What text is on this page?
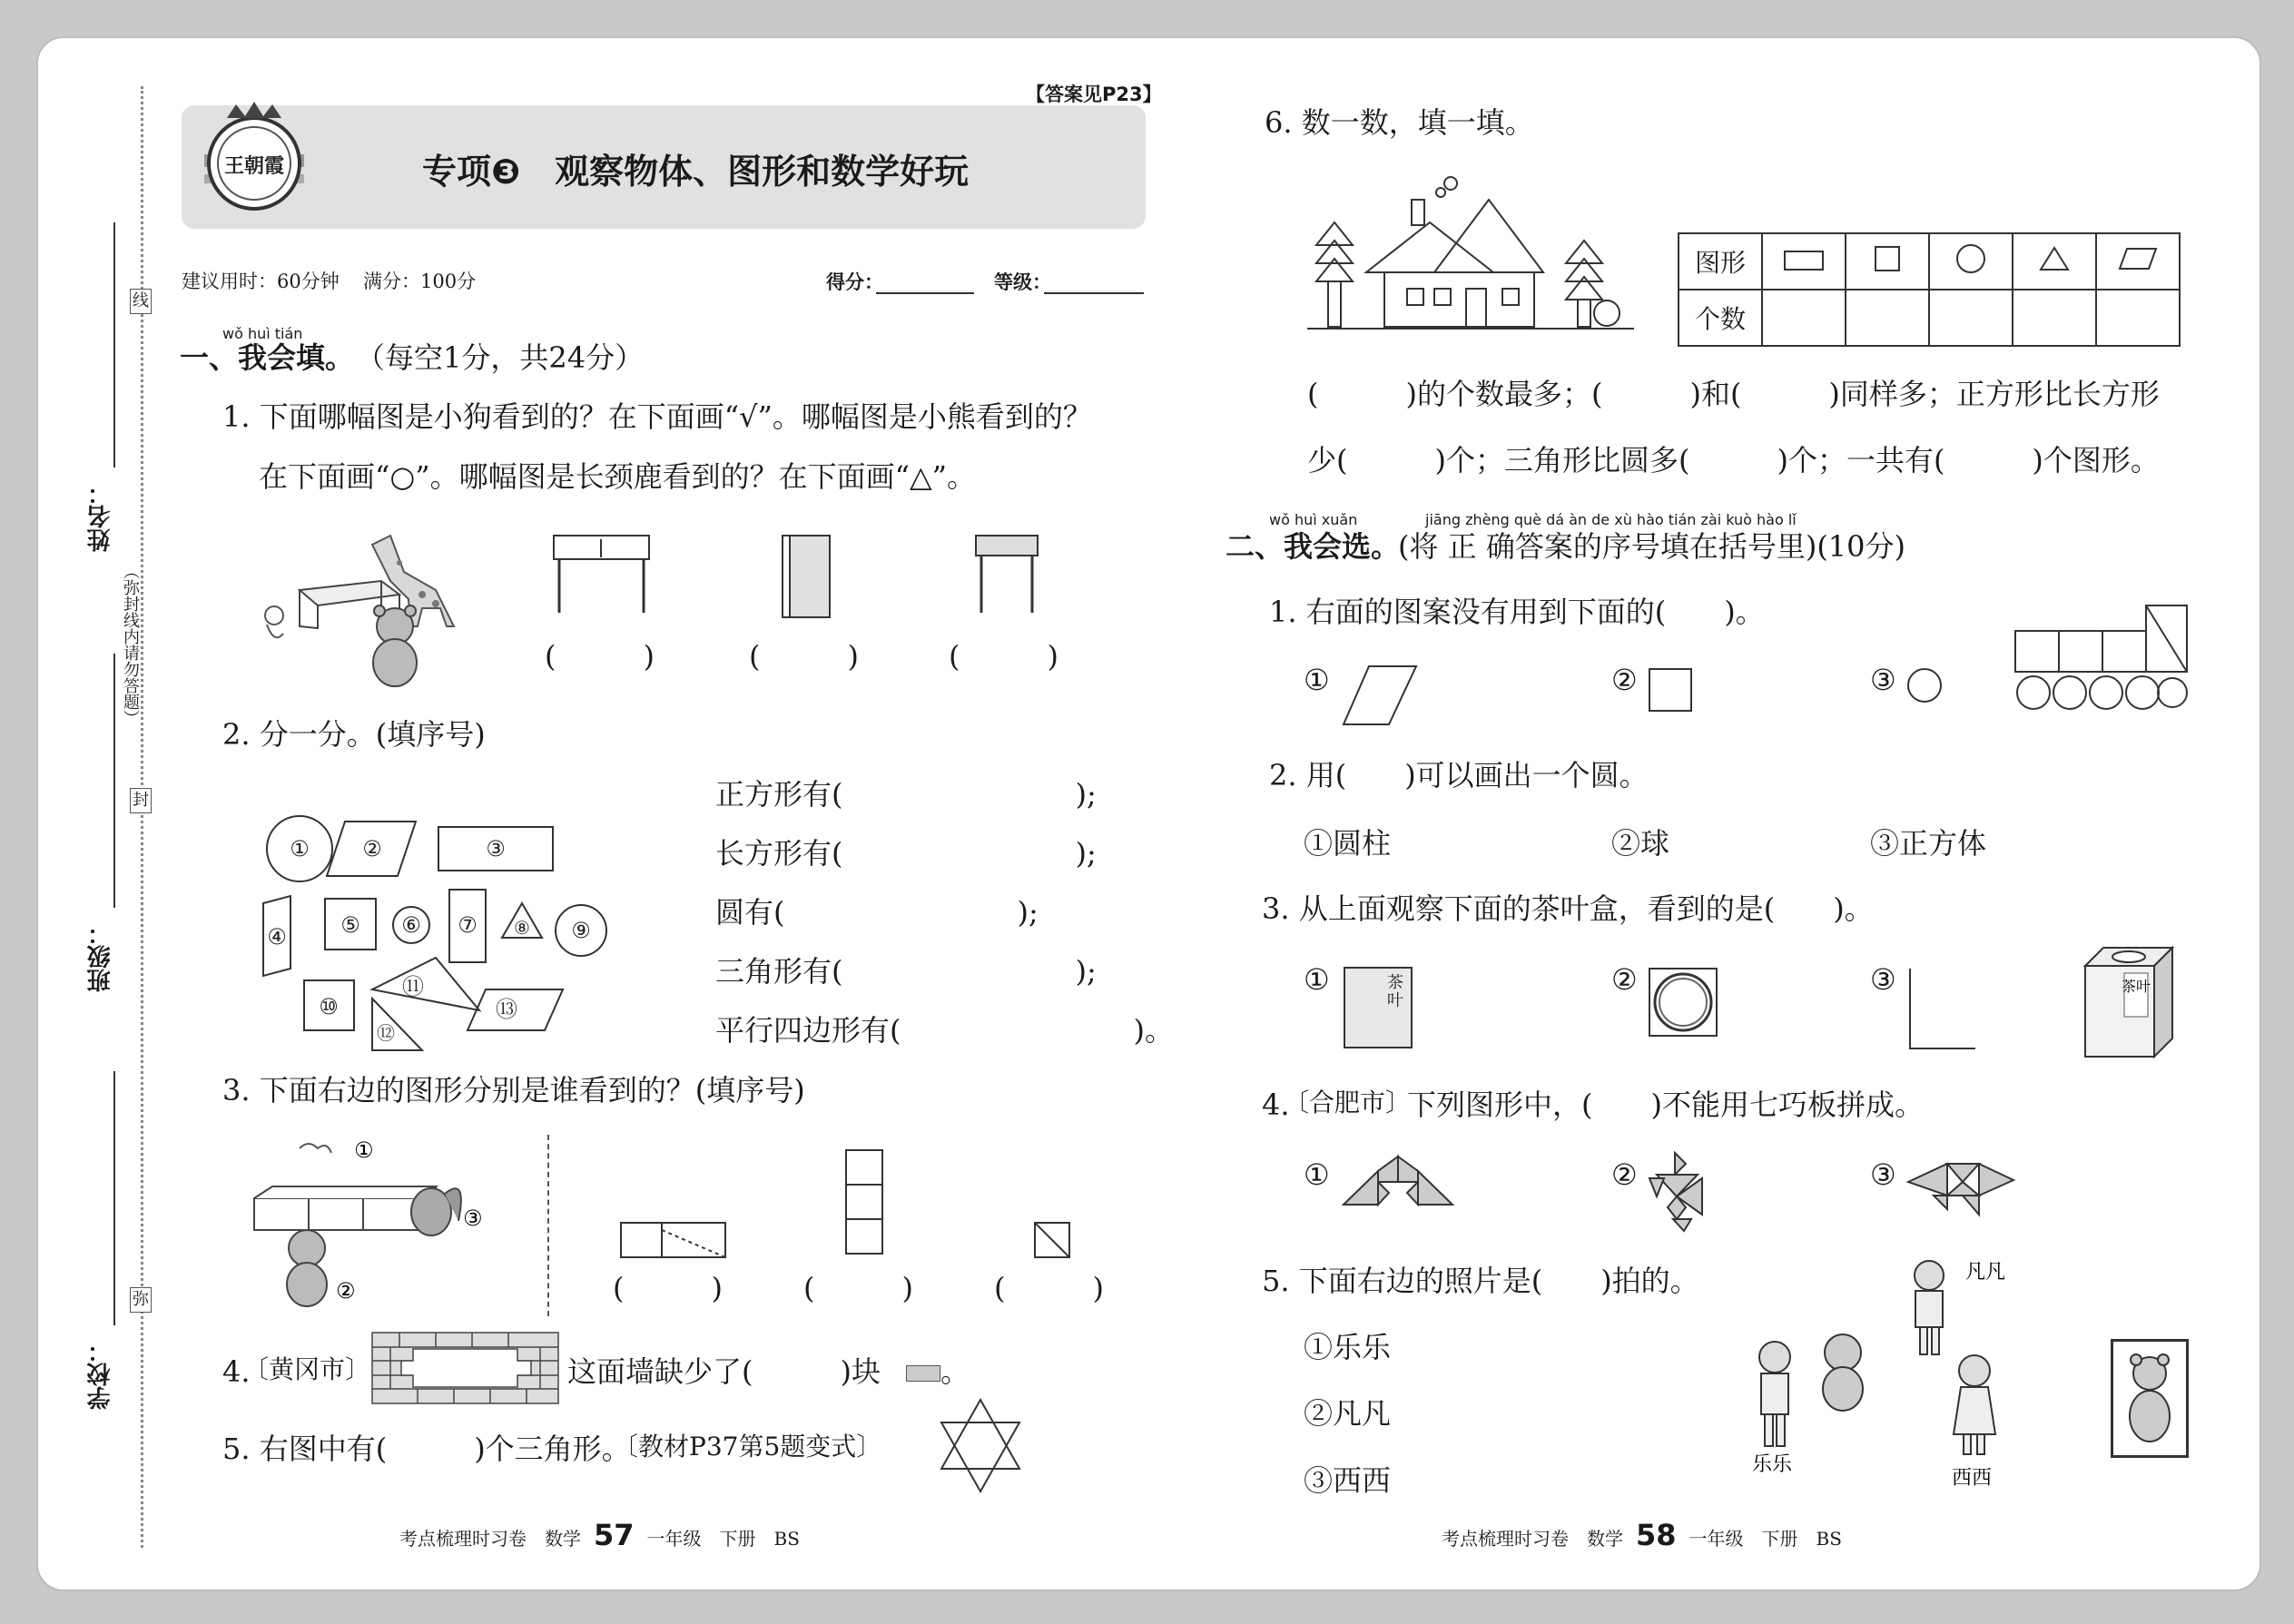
线
封
弥
（弥封线内请勿答题）
姓名：
班级：
学校：
【答案见P23】
专项❸　观察物体、图形和数学好玩
王朝霞
建议用时：60分钟 满分：100分	得分：	等级：
wǒ huì tián
一、我会填。 （每空1分，共24分）
1. 下面哪幅图是小狗看到的？在下面画“√”。哪幅图是小熊看到的？
在下面画“○”。哪幅图是长颈鹿看到的？在下面画“△”。
(　　　)	(　　　)	(　　　)
2. 分一分。(填序号)
① ②	③
④ ⑤ ⑥ ⑦ ⑧ ⑨
⑩
⑪
⑫
⑬
正方形有(　　　　　　　　);
长方形有(　　　　　　　　);
圆有(　　　　　　　　);
三角形有(　　　　　　　　);
平行四边形有(　　　　　　　　)。
3. 下面右边的图形分别是谁看到的？(填序号)
①
②
③
(　　　)	(　　　)	(　　　)
4.
〔黄冈市〕	这面墙缺少了(　　　)块 。
5. 右图中有(　　　)个三角形。
〔教材P37第5题变式〕
考点梳理时习卷　数学 57 一年级　下册　BS
6. 数一数，填一填。
图形					
个数					
(　　　)的个数最多；(　　　)和(　　　)同样多；正方形比长方形
少(　　　)个；三角形比圆多(　　　)个；一共有(　　　)个图形。
wǒ huì xuǎn	jiāng zhèng què dá àn de xù hào tián zài kuò hào lǐ
二、我会选。
(将 正 确答案的序号填在括号里)(10分)
1. 右面的图案没有用到下面的(　　)。
①	②	③
2. 用(　　)可以画出一个圆。
①圆柱	②球	③正方体
3. 从上面观察下面的茶叶盒，看到的是(　　)。
①	茶叶
②	③	茶叶
4.
〔合肥市〕
下列图形中，(　　)不能用七巧板拼成。
①	②	③
5. 下面右边的照片是(　　)拍的。
①乐乐
②凡凡
③西西
凡凡
乐乐
西西
考点梳理时习卷　数学 58 一年级　下册　BS
